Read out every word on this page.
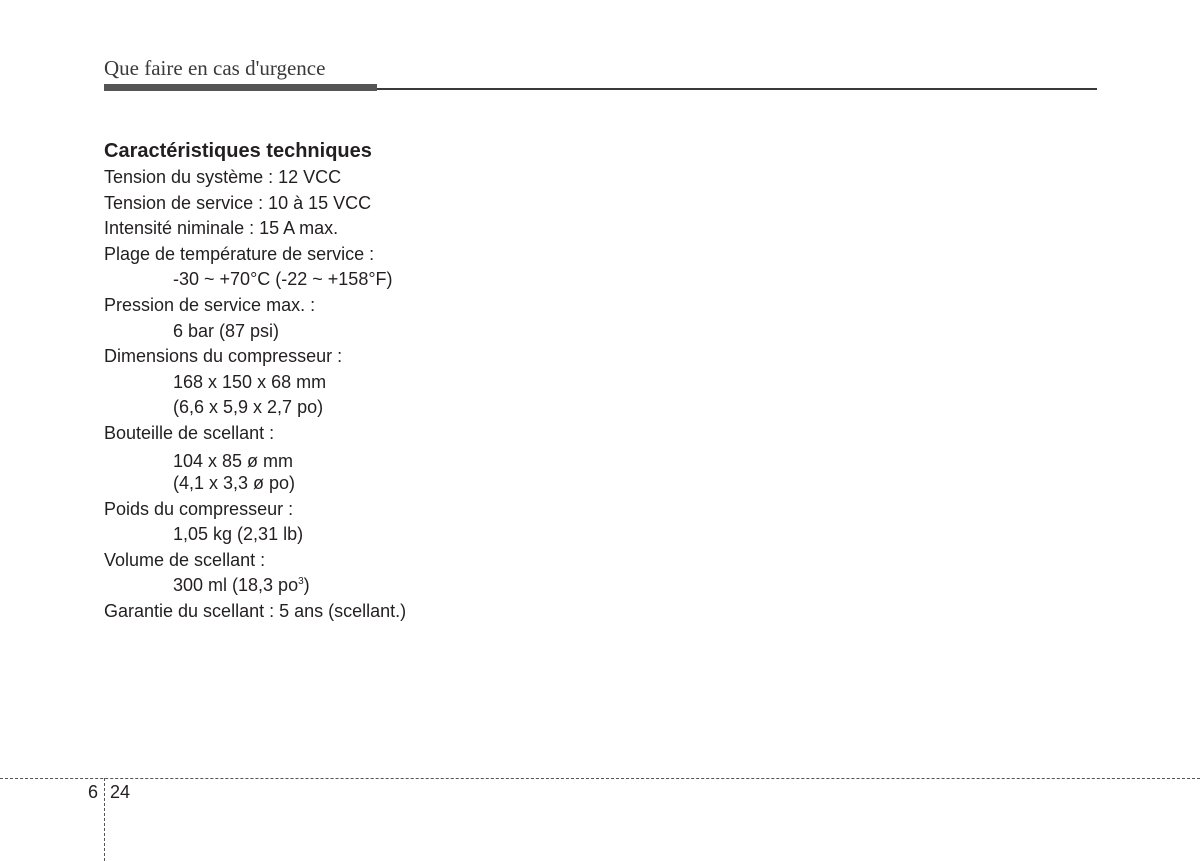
Que faire en cas d'urgence
Caractéristiques techniques
Tension du système : 12 VCC
Tension de service : 10 à 15 VCC
Intensité niminale : 15 A max.
Plage de température de service :
-30 ~ +70°C (-22 ~ +158°F)
Pression de service max. :
6 bar (87 psi)
Dimensions du compresseur :
168 x 150 x 68 mm
(6,6 x 5,9 x 2,7 po)
Bouteille de scellant :
104 x 85 ø mm
(4,1 x 3,3 ø po)
Poids du compresseur :
1,05 kg (2,31 lb)
Volume de scellant :
300 ml (18,3 $po^3$)
Garantie du scellant : 5 ans (scellant.)
6 24
